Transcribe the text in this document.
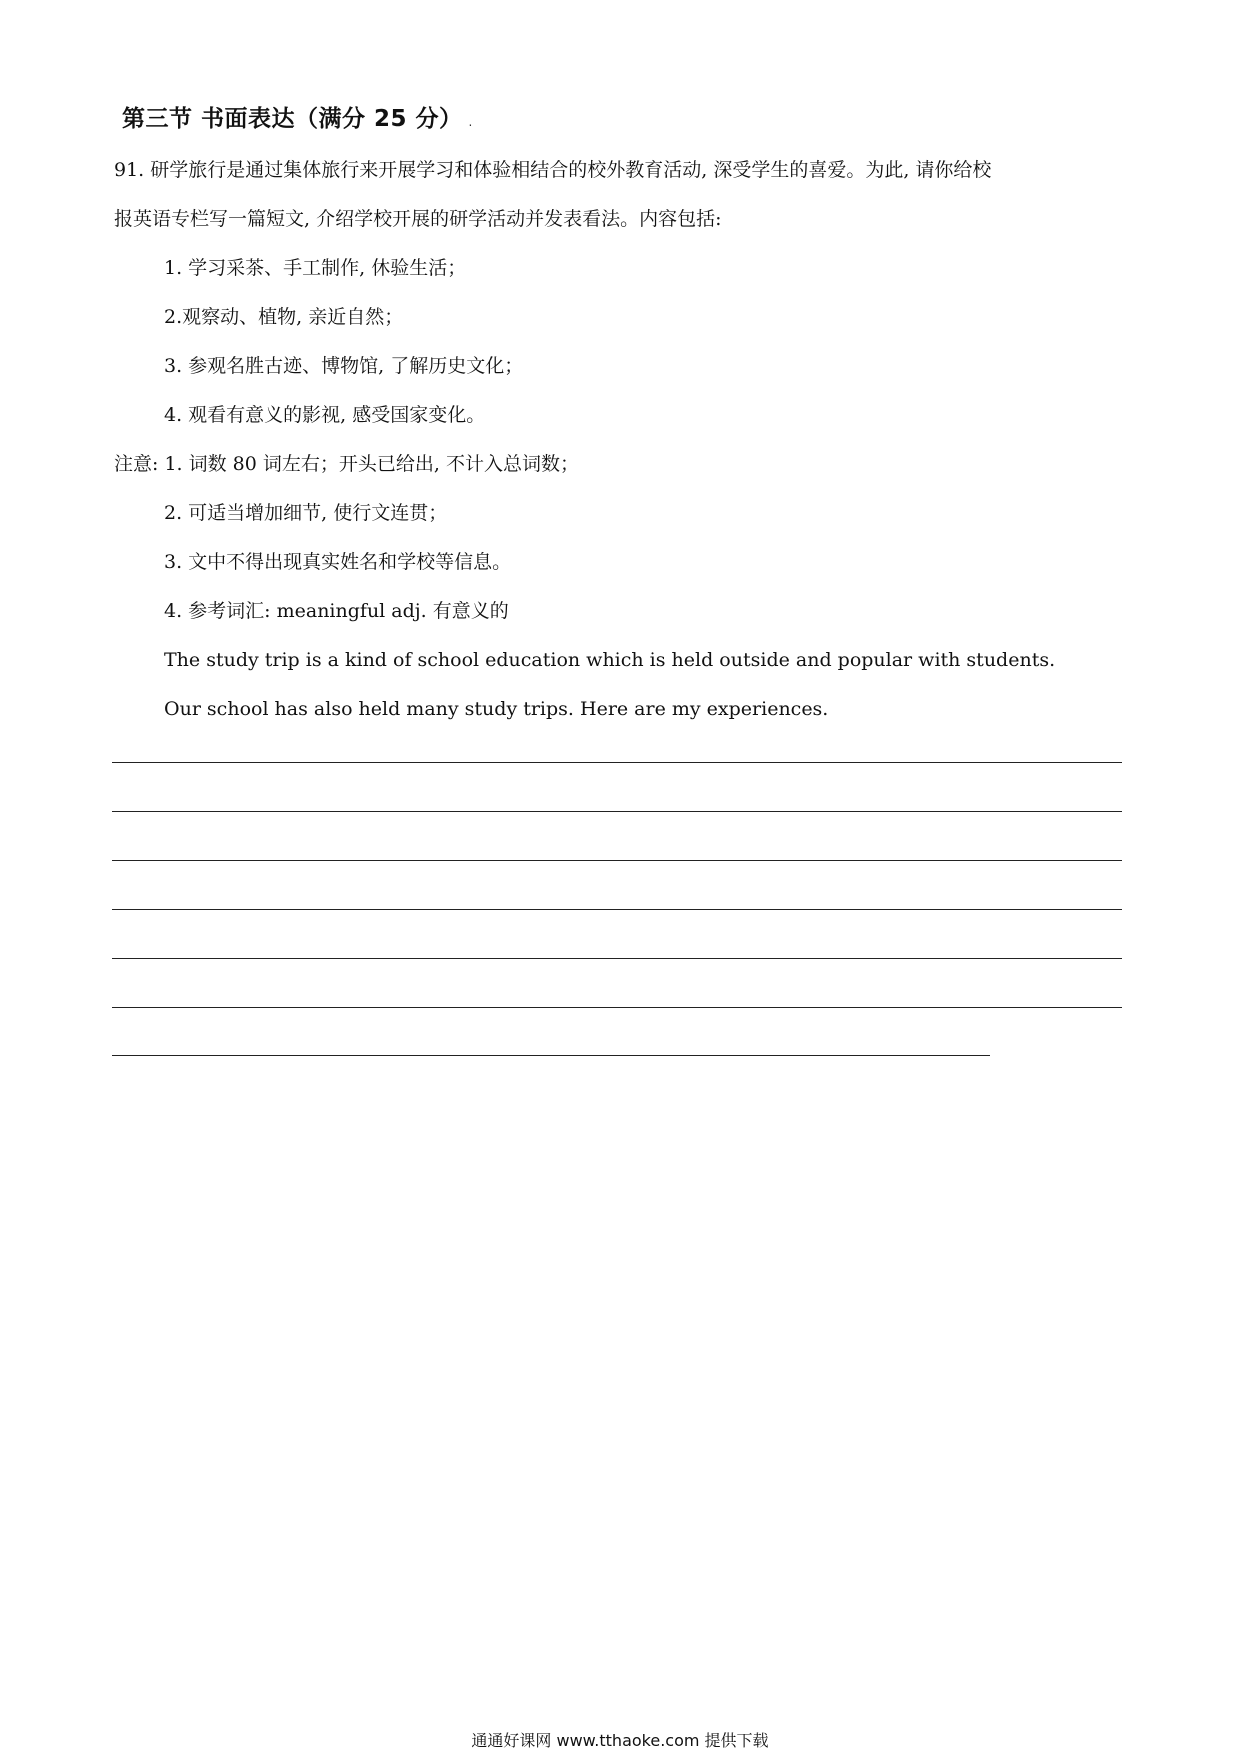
第三节 书面表达（满分 25 分） .
91. 研学旅行是通过集体旅行来开展学习和体验相结合的校外教育活动, 深受学生的喜爱。为此, 请你给校
报英语专栏写一篇短文, 介绍学校开展的研学活动并发表看法。内容包括:
1. 学习采茶、手工制作, 休验生活；
2.观察动、植物, 亲近自然；
3. 参观名胜古迹、博物馆, 了解历史文化；
4. 观看有意义的影视, 感受国家变化。
注意: 1. 词数 80 词左右；开头已给出, 不计入总词数；
2. 可适当增加细节, 使行文连贯；
3. 文中不得出现真实姓名和学校等信息。
4. 参考词汇: meaningful adj. 有意义的
The study trip is a kind of school education which is held outside and popular with students.
Our school has also held many study trips. Here are my experiences.
通通好课网 www.tthaoke.com 提供下载
